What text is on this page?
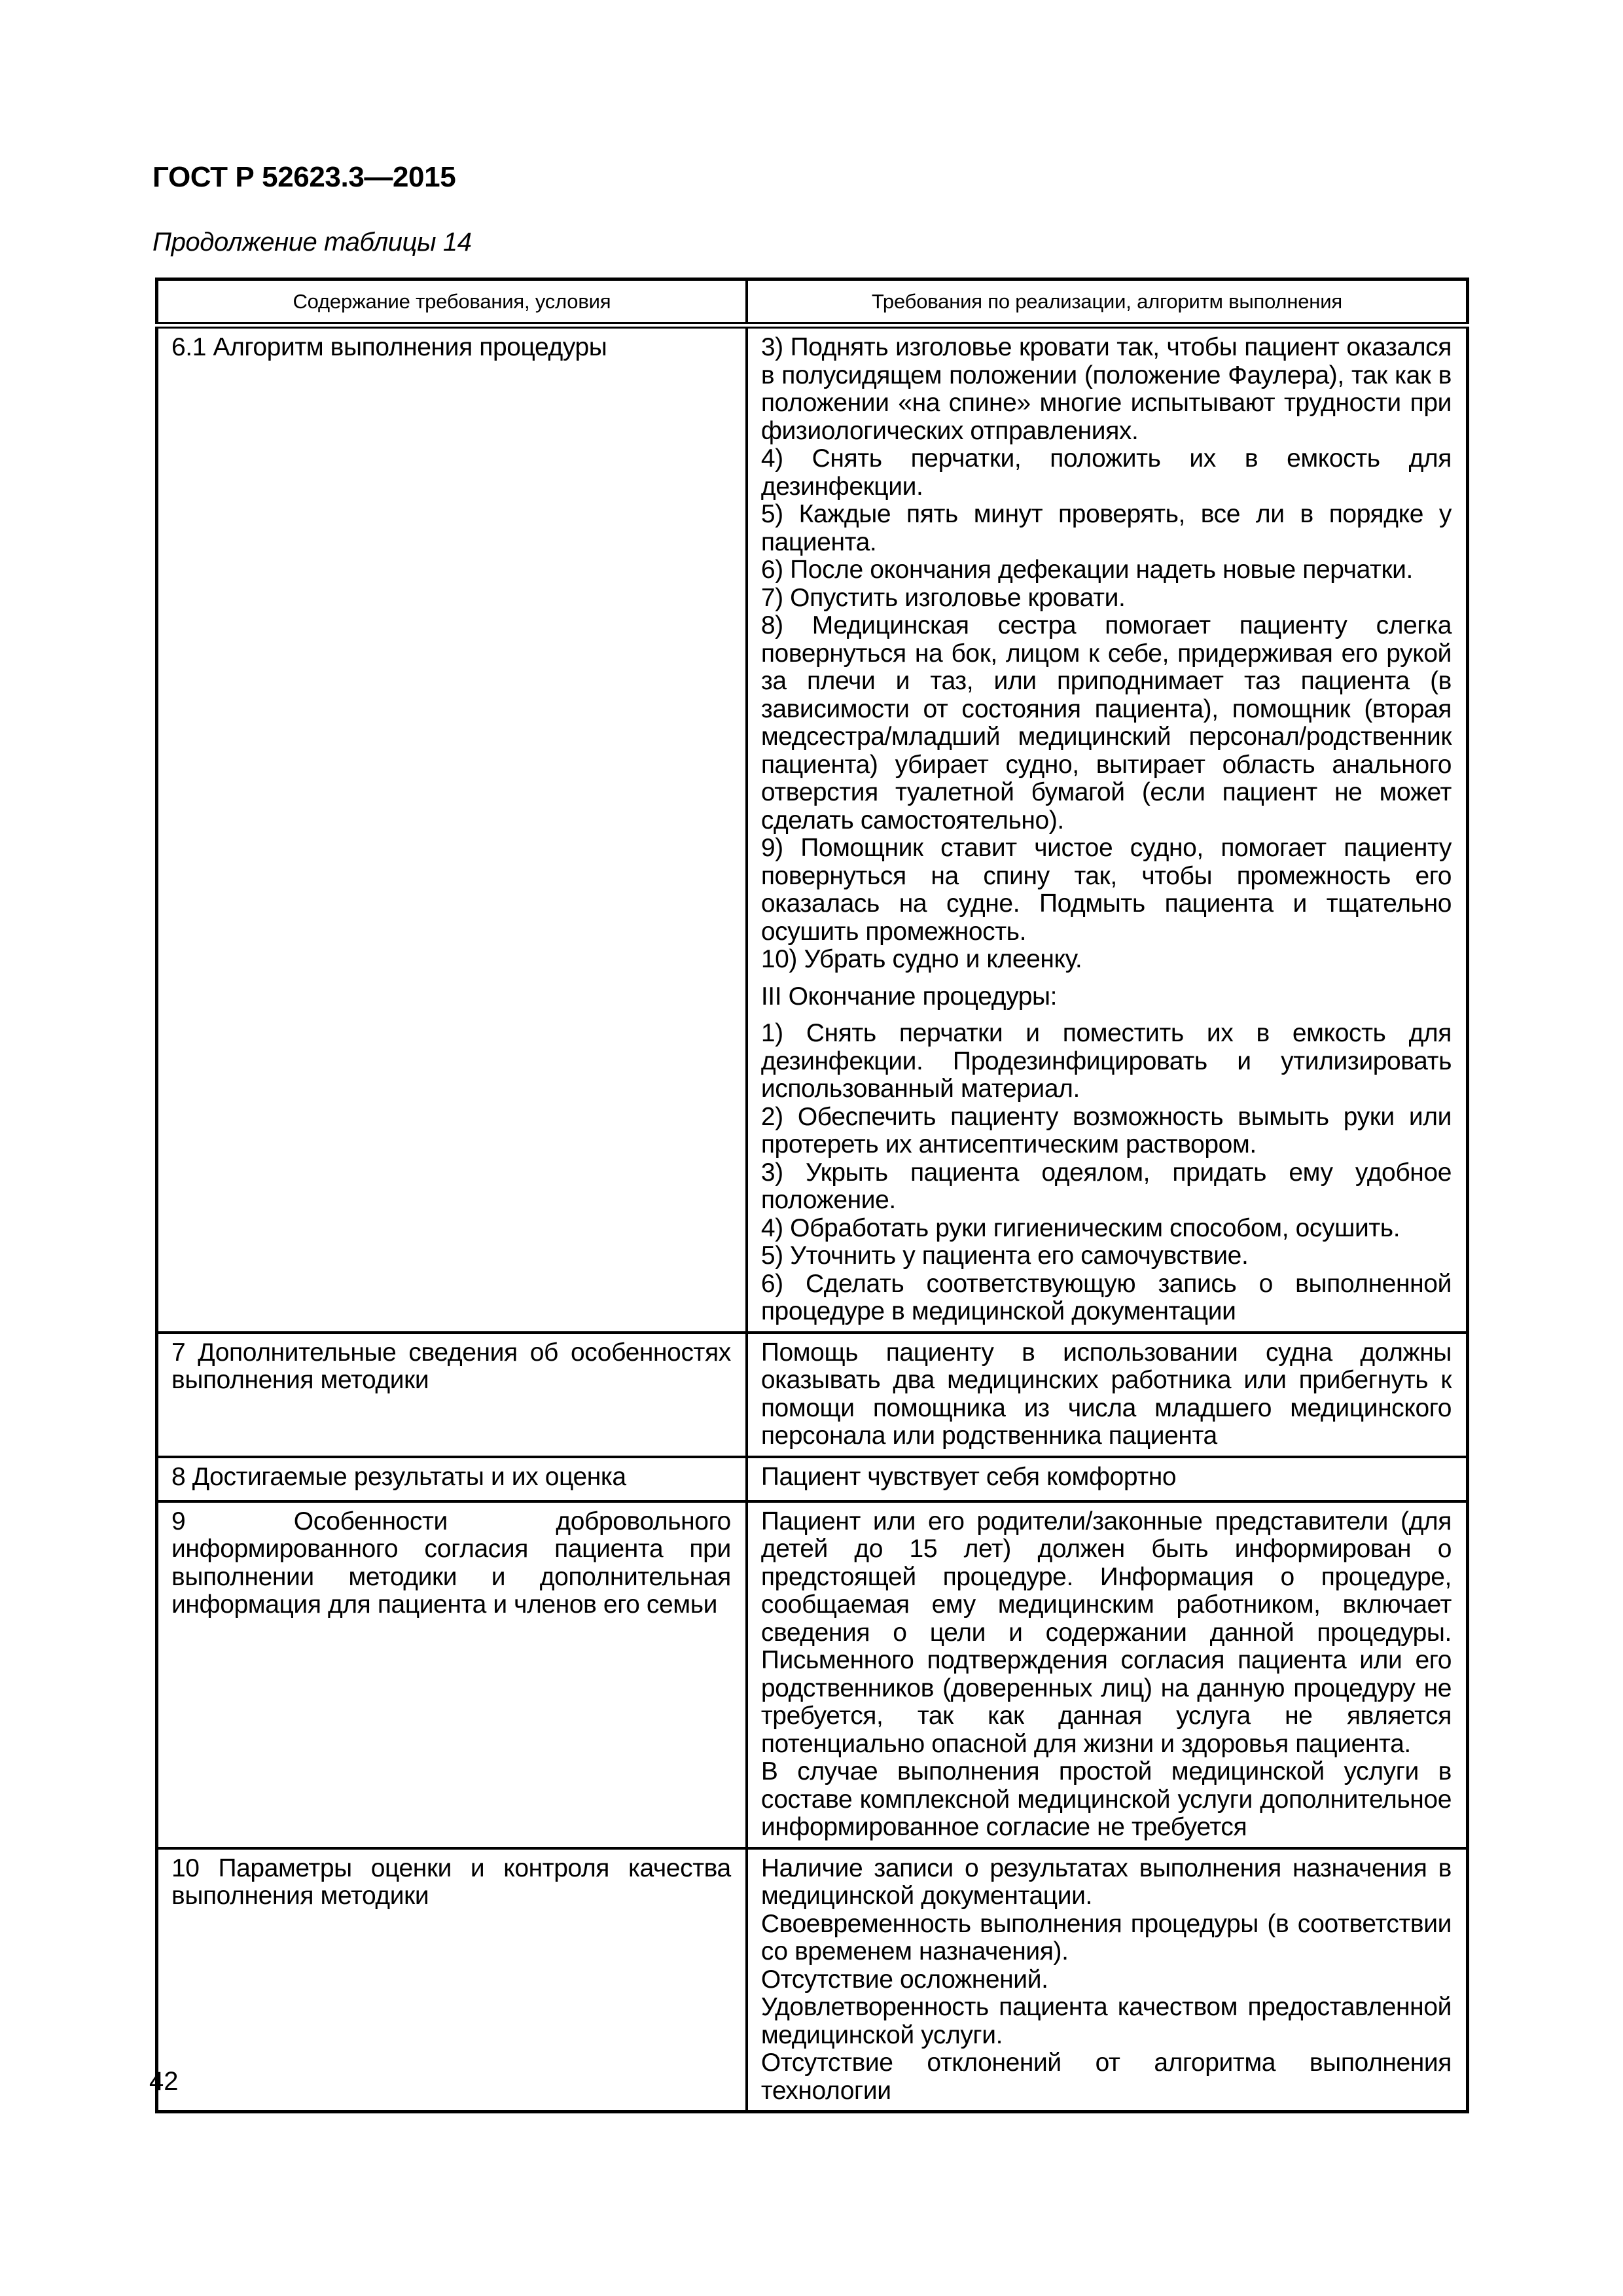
ГОСТ Р 52623.3—2015
Продолжение таблицы 14
Содержание требования, условия	Требования по реализации, алгоритм выполнения

6.1 Алгоритм выполнения процедуры	3) Поднять изголовье кровати так, чтобы пациент оказался в полусидящем положении (положение Фаулера), так как в положении «на спине» многие испытывают трудности при физиологических отправлениях.

4) Снять перчатки, положить их в емкость для дезинфекции.

5) Каждые пять минут проверять, все ли в порядке у пациента.

6) После окончания дефекации надеть новые перчатки.

7) Опустить изголовье кровати.

8) Медицинская сестра помогает пациенту слегка повернуться на бок, лицом к себе, придерживая его рукой за плечи и таз, или приподнимает таз пациента (в зависимости от состояния пациента), помощник (вторая медсестра/младший медицинский персонал/родственник пациента) убирает судно, вытирает область анального отверстия туалетной бумагой (если пациент не может сделать самостоятельно).

9) Помощник ставит чистое судно, помогает пациенту повернуться на спину так, чтобы промежность его оказалась на судне. Подмыть пациента и тщательно осушить промежность.

10) Убрать судно и клеенку.

III Окончание процедуры:

1) Снять перчатки и поместить их в емкость для дезинфекции. Продезинфицировать и утилизировать использованный материал.

2) Обеспечить пациенту возможность вымыть руки или протереть их антисептическим раствором.

3) Укрыть пациента одеялом, придать ему удобное положение.

4) Обработать руки гигиеническим способом, осушить.

5) Уточнить у пациента его самочувствие.

6) Сделать соответствующую запись о выполненной процедуре в медицинской документации

7 Дополнительные сведения об особенностях выполнения методики	Помощь пациенту в использовании судна должны оказывать два медицинских работника или прибегнуть к помощи помощника из числа младшего медицинского персонала или родственника пациента

8 Достигаемые результаты и их оценка	Пациент чувствует себя комфортно

9 Особенности добровольного информированного согласия пациента при выполнении методики и дополнительная информация для пациента и членов его семьи	Пациент или его родители/законные представители (для детей до 15 лет) должен быть информирован о предстоящей процедуре. Информация о процедуре, сообщаемая ему медицинским работником, включает сведения о цели и содержании данной процедуры. Письменного подтверждения согласия пациента или его родственников (доверенных лиц) на данную процедуру не требуется, так как данная услуга не является потенциально опасной для жизни и здоровья пациента.

В случае выполнения простой медицинской услуги в составе комплексной медицинской услуги дополнительное информированное согласие не требуется

10 Параметры оценки и контроля качества выполнения методики	Наличие записи о результатах выполнения назначения в медицинской документации.

Своевременность выполнения процедуры (в соответствии со временем назначения).

Отсутствие осложнений.

Удовлетворенность пациента качеством предоставленной медицинской услуги.

Отсутствие отклонений от алгоритма выполнения технологии

42
